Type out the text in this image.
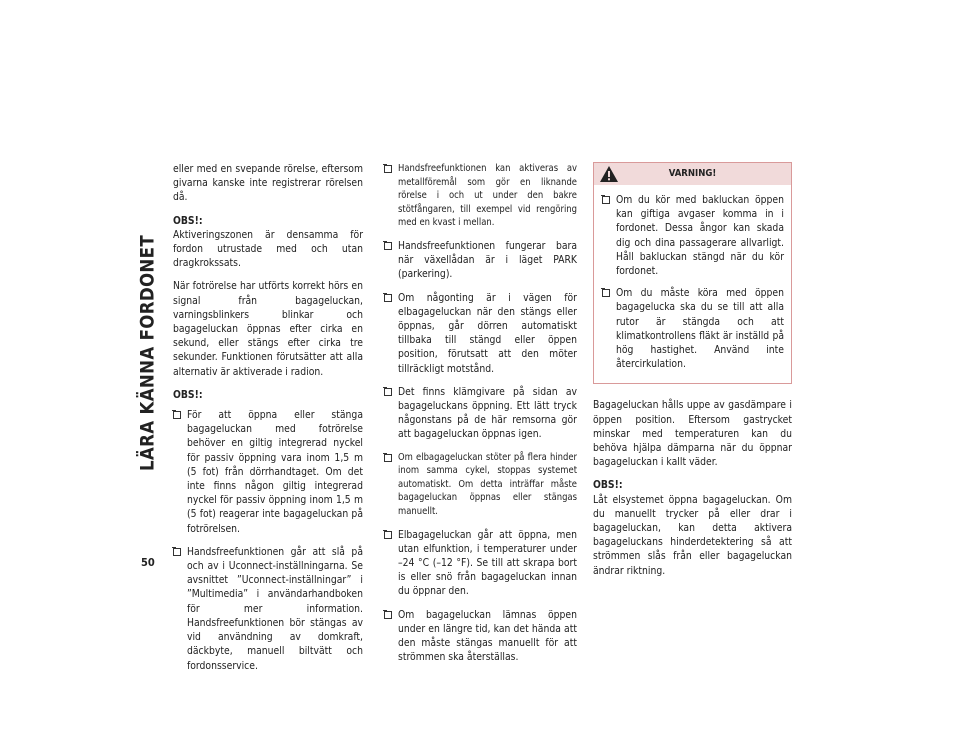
LÄRA KÄNNA FORDONET
50

eller med en svepande rörelse, eftersom givarna kanske inte registrerar rörelsen då.

OBS!:

Aktiveringszonen är densamma för fordon utrustade med och utan dragkrokssats.

När fotrörelse har utförts korrekt hörs en signal från bagageluckan, varningsblinkers blinkar och bagageluckan öppnas efter cirka en sekund, eller stängs efter cirka tre sekunder. Funktionen förutsätter att alla alternativ är aktiverade i radion.

OBS!:

För att öppna eller stänga bagageluckan med fotrörelse behöver en giltig integrerad nyckel för passiv öppning vara inom 1,5 m (5 fot) från dörrhandtaget. Om det inte finns någon giltig integrerad nyckel för passiv öppning inom 1,5 m (5 fot) reagerar inte bagageluckan på fotrörelsen.
Handsfreefunktionen går att slå på och av i Uconnect-inställningarna. Se avsnittet ”Uconnect-inställningar” i ”Multimedia” i användarhandboken för mer information. Handsfreefunktionen bör stängas av vid användning av domkraft, däckbyte, manuell biltvätt och fordonsservice.
Handsfreefunktionen kan aktiveras av metallföremål som gör en liknande rörelse i och ut under den bakre stötfångaren, till exempel vid rengöring med en kvast i mellan.
Handsfreefunktionen fungerar bara när växellådan är i läget PARK (parkering).
Om någonting är i vägen för elbagageluckan när den stängs eller öppnas, går dörren automatiskt tillbaka till stängd eller öppen position, förutsatt att den möter tillräckligt motstånd.
Det finns klämgivare på sidan av bagageluckans öppning. Ett lätt tryck någonstans på de här remsorna gör att bagageluckan öppnas igen.
Om elbagageluckan stöter på flera hinder inom samma cykel, stoppas systemet automatiskt. Om detta inträffar måste bagageluckan öppnas eller stängas manuellt.
Elbagageluckan går att öppna, men utan elfunktion, i temperaturer under –24 °C (–12 °F). Se till att skrapa bort is eller snö från bagageluckan innan du öppnar den.
Om bagageluckan lämnas öppen under en längre tid, kan det hända att den måste stängas manuellt för att strömmen ska återställas.
VARNING!
Om du kör med bakluckan öppen kan giftiga avgaser komma in i fordonet. Dessa ångor kan skada dig och dina passagerare allvarligt. Håll bakluckan stängd när du kör fordonet.
Om du måste köra med öppen bagagelucka ska du se till att alla rutor är stängda och att klimatkontrollens fläkt är inställd på hög hastighet. Använd inte återcirkulation.

Bagageluckan hålls uppe av gasdämpare i öppen position. Eftersom gastrycket minskar med temperaturen kan du behöva hjälpa dämparna när du öppnar bagageluckan i kallt väder.

OBS!:

Låt elsystemet öppna bagageluckan. Om du manuellt trycker på eller drar i bagageluckan, kan detta aktivera bagageluckans hinderdetektering så att strömmen slås från eller bagageluckan ändrar riktning.
